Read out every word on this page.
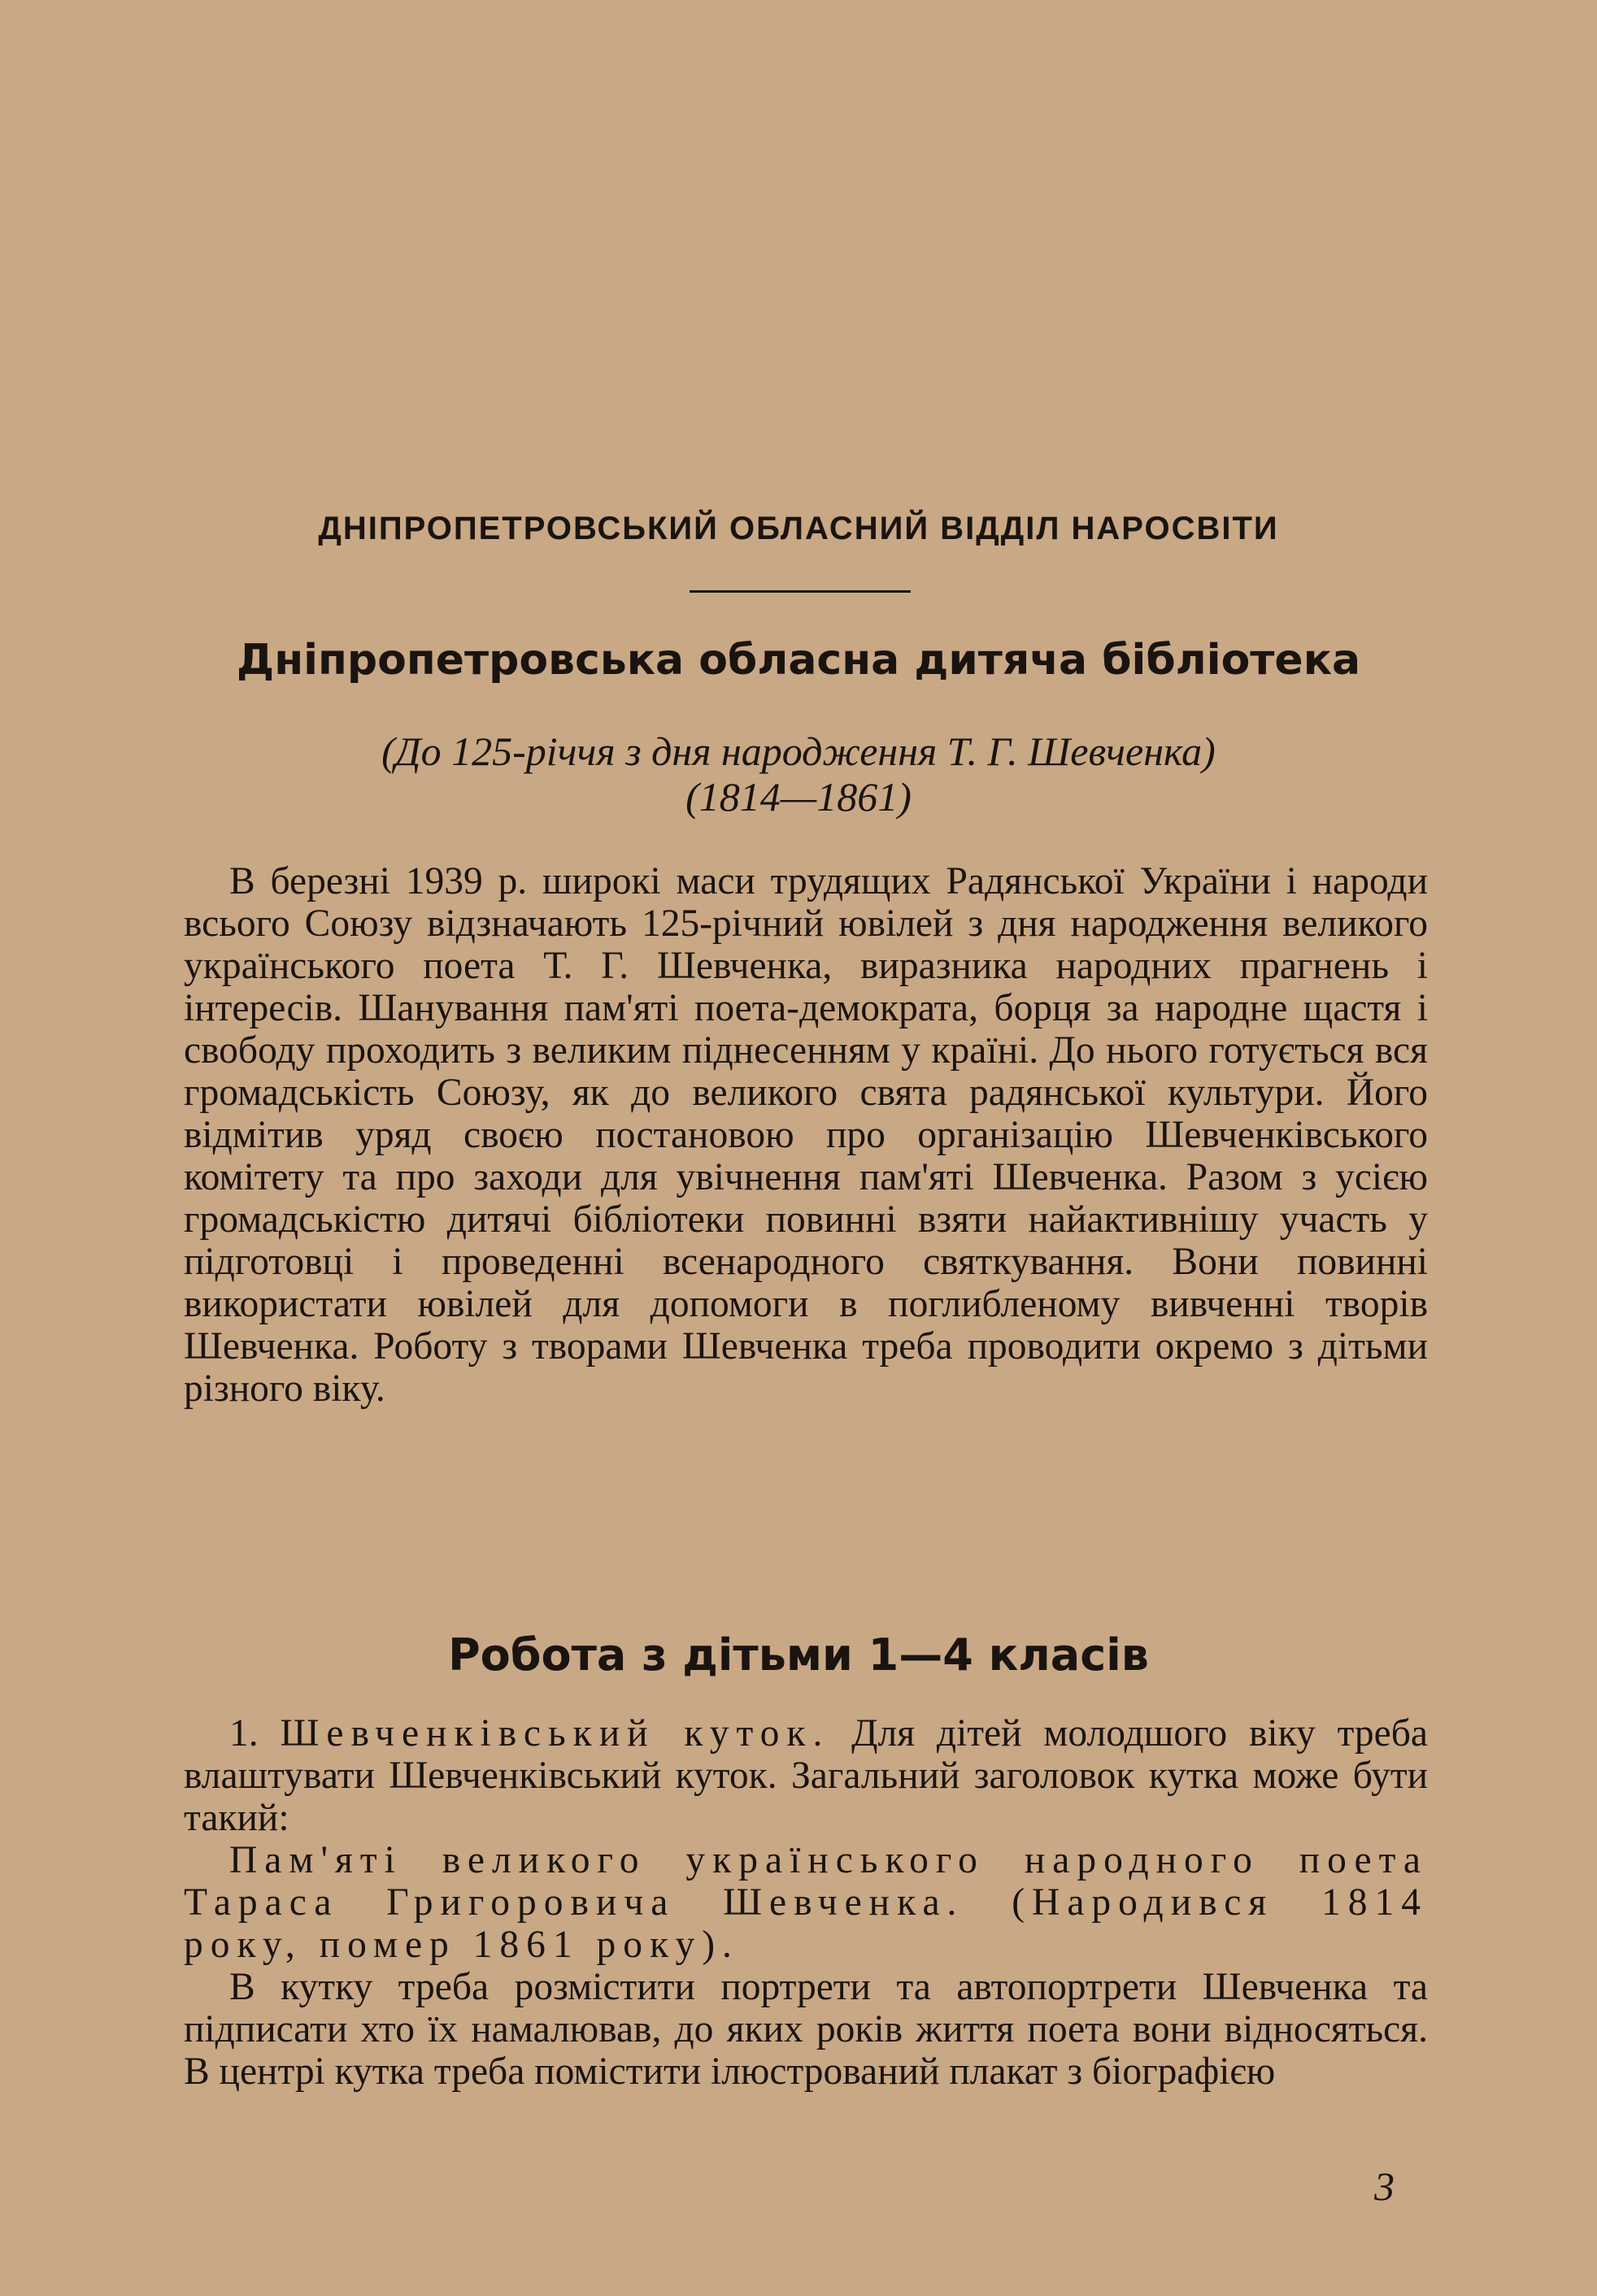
ДНІПРОПЕТРОВСЬКИЙ ОБЛАСНИЙ ВІДДІЛ НАРОСВІТИ
Дніпропетровська обласна дитяча бібліотека
(До 125-річчя з дня народження Т. Г. Шевченка)
(1814—1861)
В березні 1939 р. широкі маси трудящих Радянської України і народи всього Союзу відзначають 125-річний ювілей з дня народження великого українського поета Т. Г. Шевченка, виразника народних прагнень і інтересів. Шанування пам'яті поета-демократа, борця за народне щастя і свободу проходить з великим піднесенням у країні. До нього готується вся громадськість Союзу, як до великого свята радянської культури. Його відмітив уряд своєю постановою про організацію Шевченківського комітету та про заходи для увічнення пам'яті Шевченка. Разом з усією громадськістю дитячі бібліотеки повинні взяти найактивнішу участь у підготовці і проведенні всенародного святкування. Вони повинні використати ювілей для допомоги в поглибленому вивченні творів Шевченка. Роботу з творами Шевченка треба проводити окремо з дітьми різного віку.
Робота з дітьми 1—4 класів
1. Шевченківський куток. Для дітей молодшого віку треба влаштувати Шевченківський куток. Загальний заголовок кутка може бути такий:
Пам'яті великого українського народного поета Тараса Григоровича Шевченка. (Народився 1814 року, помер 1861 року).
В кутку треба розмістити портрети та автопортрети Шевченка та підписати хто їх намалював, до яких років життя поета вони відносяться. В центрі кутка треба помістити ілюстрований плакат з біографією
3
